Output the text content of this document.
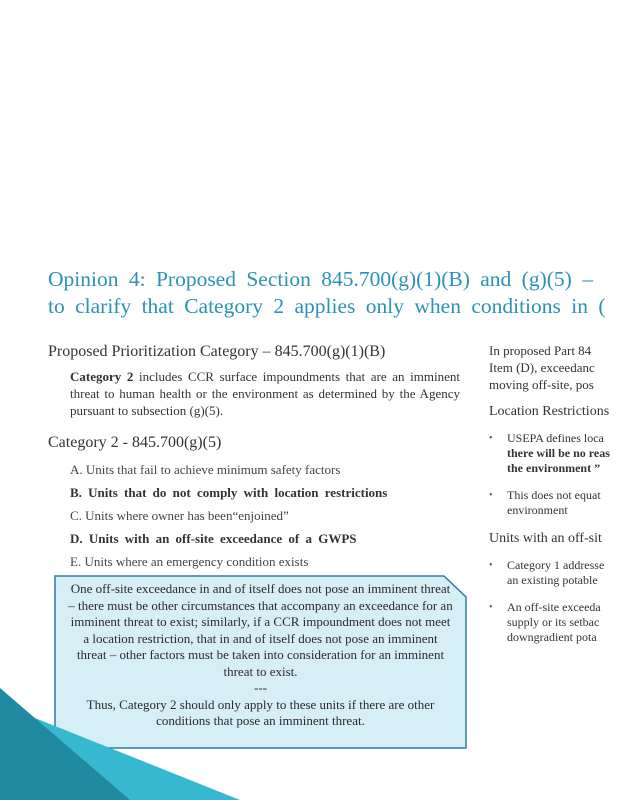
Opinion 4: Proposed Section 845.700(g)(1)(B) and (g)(5) –
to clarify that Category 2 applies only when conditions in (
Proposed Prioritization Category – 845.700(g)(1)(B)
Category 2 includes CCR surface impoundments that are an imminent threat to human health or the environment as determined by the Agency pursuant to subsection (g)(5).
Category 2 - 845.700(g)(5)
A. Units that fail to achieve minimum safety factors
B. Units that do not comply with location restrictions
C. Units where owner has been“enjoined”
D. Units with an off-site exceedance of a GWPS
E. Units where an emergency condition exists

One off-site exceedance in and of itself does not pose an imminent threat – there must be other circumstances that accompany an exceedance for an imminent threat to exist; similarly, if a CCR impoundment does not meet a location restriction, that in and of itself does not pose an imminent threat – other factors must be taken into consideration for an imminent threat to exist.

---

Thus, Category 2 should only apply to these units if there are other conditions that pose an imminent threat.

In proposed Part 84
Item (D), exceedanc
moving off-site, pos
Location Restrictions
• USEPA defines loca
there will be no reas
the environment ”
• This does not equat
environment
Units with an off-sit
• Category 1 addresse
an existing potable
• An off-site exceeda
supply or its setbac
downgradient pota
